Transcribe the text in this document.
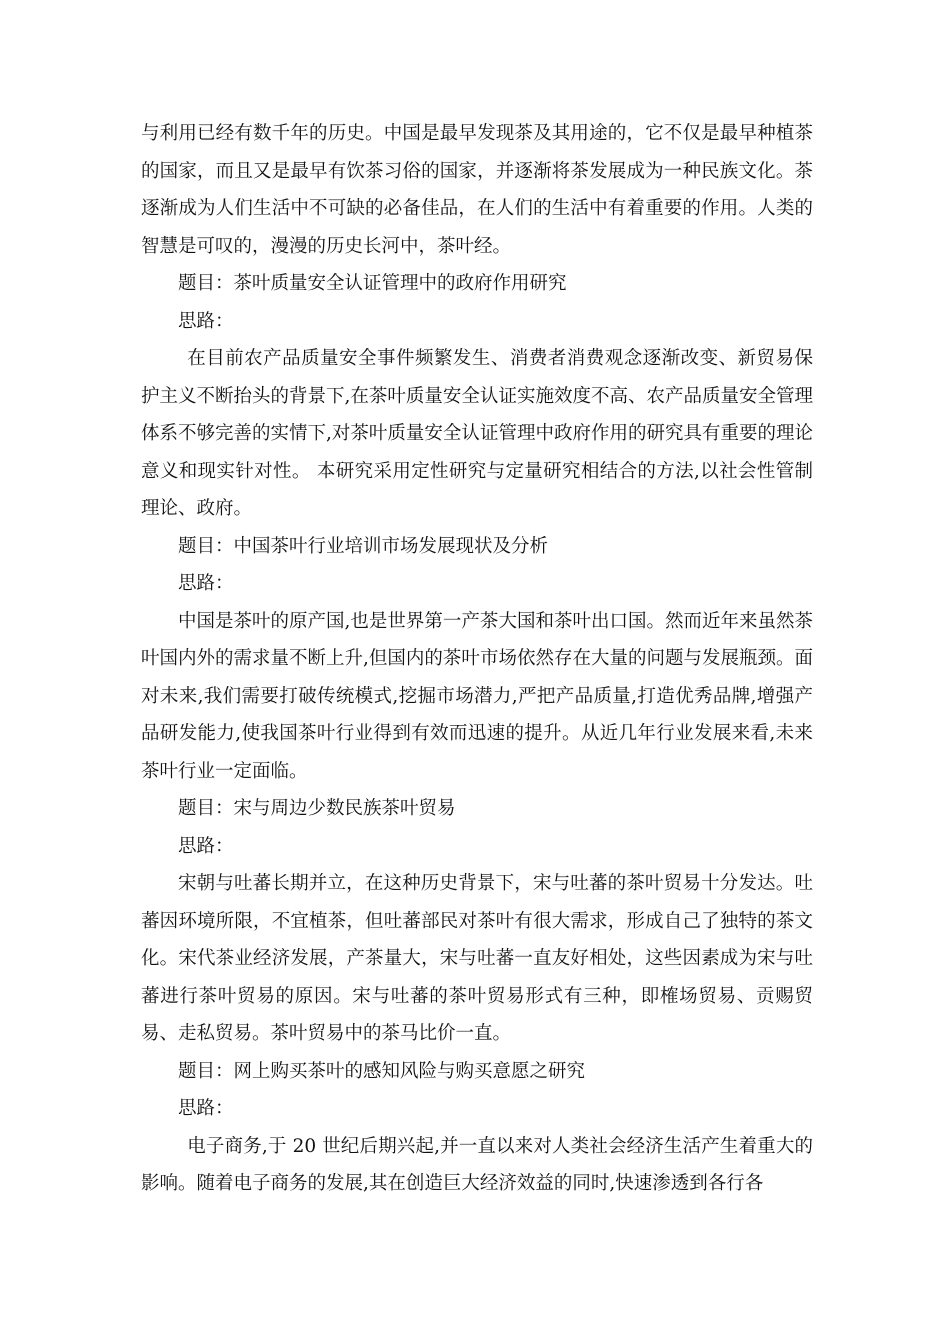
与利用已经有数千年的历史。中国是最早发现茶及其用途的，它不仅是最早种植茶的国家，而且又是最早有饮茶习俗的国家，并逐渐将茶发展成为一种民族文化。茶逐渐成为人们生活中不可缺的必备佳品，在人们的生活中有着重要的作用。人类的智慧是可叹的，漫漫的历史长河中，茶叶经。

题目：茶叶质量安全认证管理中的政府作用研究

思路：

在目前农产品质量安全事件频繁发生、消费者消费观念逐渐改变、新贸易保护主义不断抬头的背景下,在茶叶质量安全认证实施效度不高、农产品质量安全管理体系不够完善的实情下,对茶叶质量安全认证管理中政府作用的研究具有重要的理论意义和现实针对性。 本研究采用定性研究与定量研究相结合的方法,以社会性管制理论、政府。

题目：中国茶叶行业培训市场发展现状及分析

思路：

中国是茶叶的原产国,也是世界第一产茶大国和茶叶出口国。然而近年来虽然茶叶国内外的需求量不断上升,但国内的茶叶市场依然存在大量的问题与发展瓶颈。面对未来,我们需要打破传统模式,挖掘市场潜力,严把产品质量,打造优秀品牌,增强产品研发能力,使我国茶叶行业得到有效而迅速的提升。从近几年行业发展来看,未来茶叶行业一定面临。

题目：宋与周边少数民族茶叶贸易

思路：

宋朝与吐蕃长期并立，在这种历史背景下，宋与吐蕃的茶叶贸易十分发达。吐蕃因环境所限，不宜植茶，但吐蕃部民对茶叶有很大需求，形成自己了独特的茶文化。宋代茶业经济发展，产茶量大，宋与吐蕃一直友好相处，这些因素成为宋与吐蕃进行茶叶贸易的原因。宋与吐蕃的茶叶贸易形式有三种，即榷场贸易、贡赐贸易、走私贸易。茶叶贸易中的茶马比价一直。

题目：网上购买茶叶的感知风险与购买意愿之研究

思路：

电子商务,于 20 世纪后期兴起,并一直以来对人类社会经济生活产生着重大的影响。随着电子商务的发展,其在创造巨大经济效益的同时,快速渗透到各行各
